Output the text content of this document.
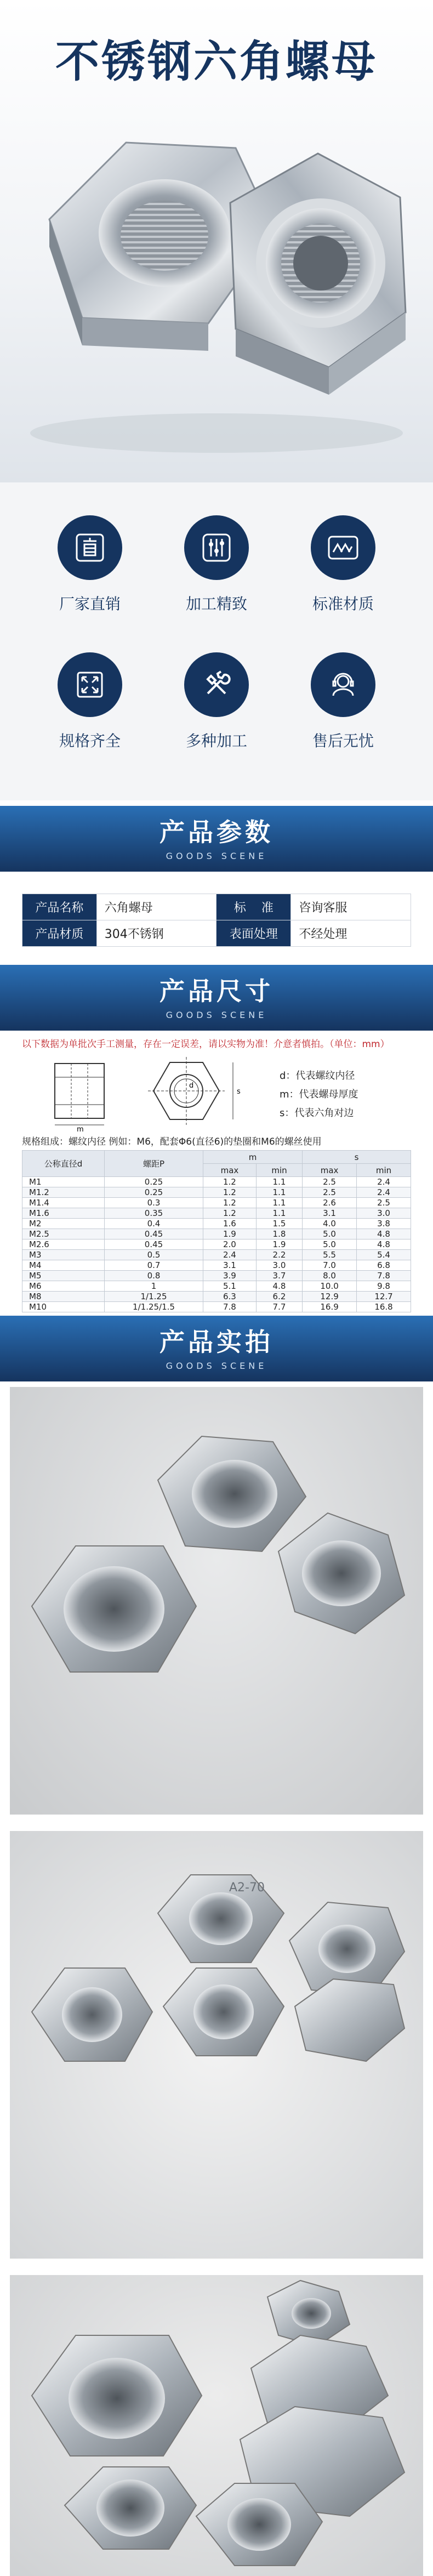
不锈钢六角螺母
厂家直销	加工精致	标准材质
规格齐全	多种加工	售后无忧
产品参数
GOODS SCENE
产品名称	六角螺母	标    准	咨询客服
产品材质	304不锈钢	表面处理	不经处理
产品尺寸
GOODS SCENE
以下数据为单批次手工测量，存在一定误差，请以实物为准！介意者慎拍。（单位：mm）
m
s
d
d：代表螺纹内径
m：代表螺母厚度
s：代表六角对边
规格组成：螺纹内径 例如：M6，配套Φ6(直径6)的垫圈和M6的螺丝使用
公称直径d	螺距P	m		s	
		max	min	max	min
M1	0.25	1.2	1.1	2.5	2.4
M1.2	0.25	1.2	1.1	2.5	2.4
M1.4	0.3	1.2	1.1	2.6	2.5
M1.6	0.35	1.2	1.1	3.1	3.0
M2	0.4	1.6	1.5	4.0	3.8
M2.5	0.45	1.9	1.8	5.0	4.8
M2.6	0.45	2.0	1.9	5.0	4.8
M3	0.5	2.4	2.2	5.5	5.4
M4	0.7	3.1	3.0	7.0	6.8
M5	0.8	3.9	3.7	8.0	7.8
M6	1	5.1	4.8	10.0	9.8
M8	1/1.25	6.3	6.2	12.9	12.7
M10	1/1.25/1.5	7.8	7.7	16.9	16.8
产品实拍
GOODS SCENE
A2-70
